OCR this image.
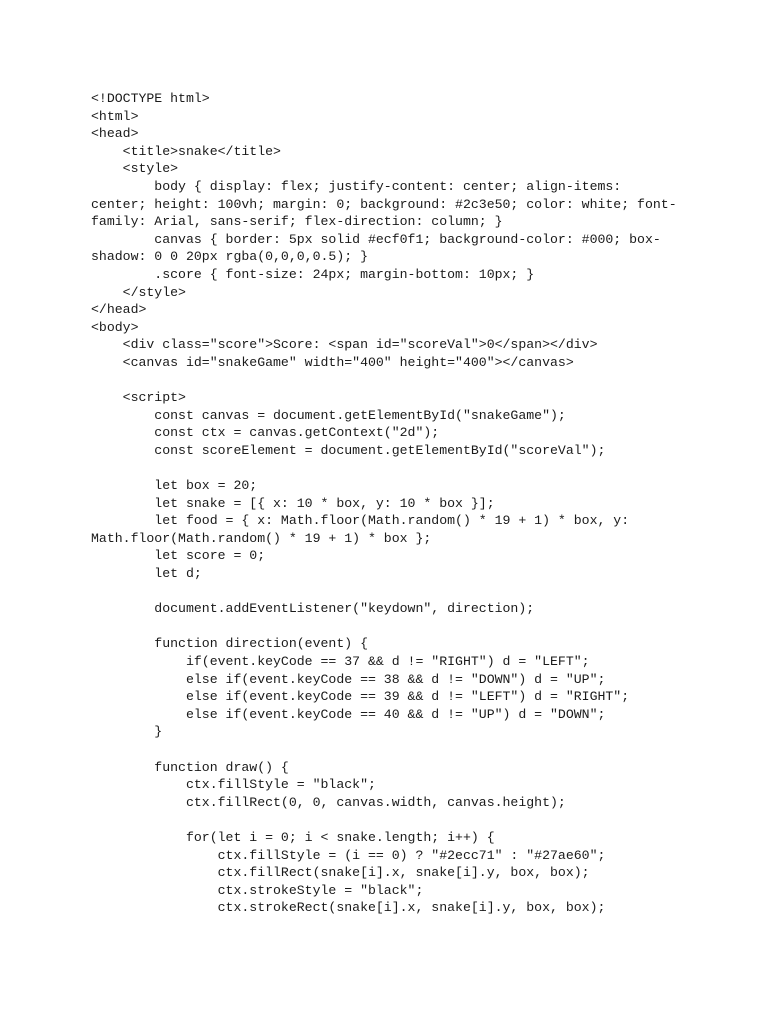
<!DOCTYPE html>
<html>
<head>
<title>snake</title>
<style>
body { display: flex; justify-content: center; align-items:
center; height: 100vh; margin: 0; background: #2c3e50; color: white; font-
family: Arial, sans-serif; flex-direction: column; }
canvas { border: 5px solid #ecf0f1; background-color: #000; box-
shadow: 0 0 20px rgba(0,0,0,0.5); }
.score { font-size: 24px; margin-bottom: 10px; }
</style>
</head>
<body>
<div class="score">Score: <span id="scoreVal">0</span></div>
<canvas id="snakeGame" width="400" height="400"></canvas>
<script>
const canvas = document.getElementById("snakeGame");
const ctx = canvas.getContext("2d");
const scoreElement = document.getElementById("scoreVal");
let box = 20;
let snake = [{ x: 10 * box, y: 10 * box }];
let food = { x: Math.floor(Math.random() * 19 + 1) * box, y:
Math.floor(Math.random() * 19 + 1) * box };
let score = 0;
let d;
document.addEventListener("keydown", direction);
function direction(event) {
if(event.keyCode == 37 && d != "RIGHT") d = "LEFT";
else if(event.keyCode == 38 && d != "DOWN") d = "UP";
else if(event.keyCode == 39 && d != "LEFT") d = "RIGHT";
else if(event.keyCode == 40 && d != "UP") d = "DOWN";
}
function draw() {
ctx.fillStyle = "black";
ctx.fillRect(0, 0, canvas.width, canvas.height);
for(let i = 0; i < snake.length; i++) {
ctx.fillStyle = (i == 0) ? "#2ecc71" : "#27ae60";
ctx.fillRect(snake[i].x, snake[i].y, box, box);
ctx.strokeStyle = "black";
ctx.strokeRect(snake[i].x, snake[i].y, box, box);
